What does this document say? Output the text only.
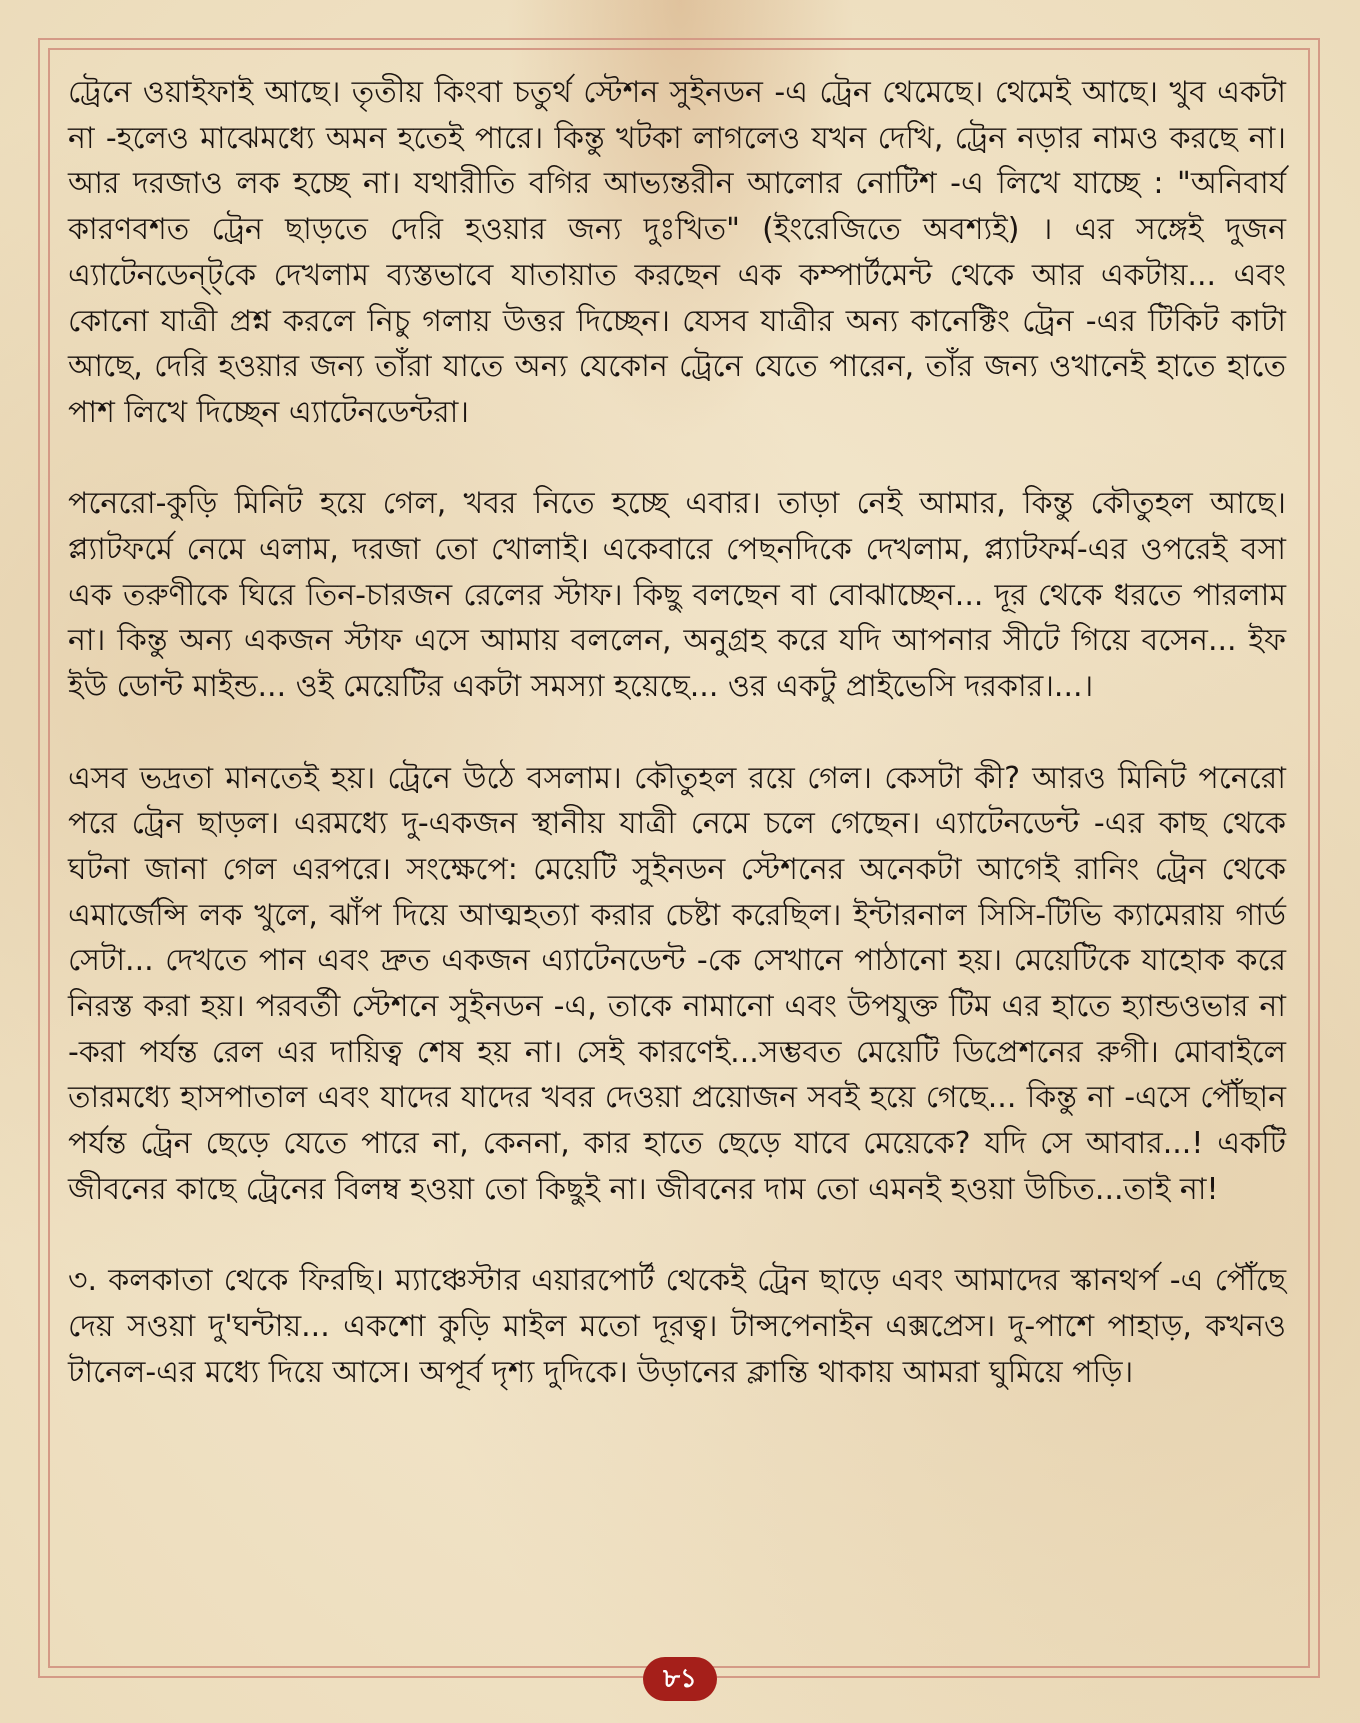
ট্রেনে ওয়াইফাই আছে। তৃতীয় কিংবা চতুর্থ স্টেশন সুইনডন -এ ট্রেন থেমেছে। থেমেই আছে। খুব একটা না -হলেও মাঝেমধ্যে অমন হতেই পারে। কিন্তু খটকা লাগলেও যখন দেখি, ট্রেন নড়ার নামও করছে না। আর দরজাও লক হচ্ছে না। যথারীতি বগির আভ্যন্তরীন আলোর নোটিশ -এ লিখে যাচ্ছে : "অনিবার্য কারণবশত ট্রেন ছাড়তে দেরি হওয়ার জন্য দুঃখিত" (ইংরেজিতে অবশ্যই) । এর সঙ্গেই দুজন এ্যাটেনডেন্ট্‌কে দেখলাম ব্যস্তভাবে যাতায়াত করছেন এক কম্পার্টমেন্ট থেকে আর একটায়... এবং কোনো যাত্রী প্রশ্ন করলে নিচু গলায় উত্তর দিচ্ছেন। যেসব যাত্রীর অন্য কানেক্টিং ট্রেন -এর টিকিট কাটা আছে, দেরি হওয়ার জন্য তাঁরা যাতে অন্য যেকোন ট্রেনে যেতে পারেন, তাঁর জন্য ওখানেই হাতে হাতে পাশ লিখে দিচ্ছেন এ্যাটেনডেন্টরা।

পনেরো-কুড়ি মিনিট হয়ে গেল, খবর নিতে হচ্ছে এবার। তাড়া নেই আমার, কিন্তু কৌতুহল আছে। প্ল্যাটফর্মে নেমে এলাম, দরজা তো খোলাই। একেবারে পেছনদিকে দেখলাম, প্ল্যাটফর্ম-এর ওপরেই বসা এক তরুণীকে ঘিরে তিন-চারজন রেলের স্টাফ। কিছু বলছেন বা বোঝাচ্ছেন... দূর থেকে ধরতে পারলাম না। কিন্তু অন্য একজন স্টাফ এসে আমায় বললেন, অনুগ্রহ করে যদি আপনার সীটে গিয়ে বসেন... ইফ ইউ ডোন্ট মাইন্ড... ওই মেয়েটির একটা সমস্যা হয়েছে... ওর একটু প্রাইভেসি দরকার।...।

এসব ভদ্রতা মানতেই হয়। ট্রেনে উঠে বসলাম। কৌতুহল রয়ে গেল। কেসটা কী? আরও মিনিট পনেরো পরে ট্রেন ছাড়ল। এরমধ্যে দু-একজন স্থানীয় যাত্রী নেমে চলে গেছেন। এ্যাটেনডেন্ট -এর কাছ থেকে ঘটনা জানা গেল এরপরে। সংক্ষেপে: মেয়েটি সুইনডন স্টেশনের অনেকটা আগেই রানিং ট্রেন থেকে এমার্জেন্সি লক খুলে, ঝাঁপ দিয়ে আত্মহত্যা করার চেষ্টা করেছিল। ইন্টারনাল সিসি-টিভি ক্যামেরায় গার্ড সেটা... দেখতে পান এবং দ্রুত একজন এ্যাটেনডেন্ট -কে সেখানে পাঠানো হয়। মেয়েটিকে যাহোক করে নিরস্ত করা হয়। পরবর্তী স্টেশনে সুইনডন -এ, তাকে নামানো এবং উপযুক্ত টিম এর হাতে হ্যান্ডওভার না -করা পর্যন্ত রেল এর দায়িত্ব শেষ হয় না। সেই কারণেই...সম্ভবত মেয়েটি ডিপ্রেশনের রুগী। মোবাইলে তারমধ্যে হাসপাতাল এবং যাদের যাদের খবর দেওয়া প্রয়োজন সবই হয়ে গেছে... কিন্তু না -এসে পৌঁছান পর্যন্ত ট্রেন ছেড়ে যেতে পারে না, কেননা, কার হাতে ছেড়ে যাবে মেয়েকে? যদি সে আবার...! একটি জীবনের কাছে ট্রেনের বিলম্ব হওয়া তো কিছুই না। জীবনের দাম তো এমনই হওয়া উচিত...তাই না!

৩. কলকাতা থেকে ফিরছি। ম্যাঞ্চেস্টার এয়ারপোর্ট থেকেই ট্রেন ছাড়ে এবং আমাদের স্কানথর্প -এ পৌঁছে দেয় সওয়া দু'ঘন্টায়... একশো কুড়ি মাইল মতো দূরত্ব। টান্সপেনাইন এক্সপ্রেস। দু-পাশে পাহাড়, কখনও টানেল-এর মধ্যে দিয়ে আসে। অপূর্ব দৃশ্য দুদিকে। উড়ানের ক্লান্তি থাকায় আমরা ঘুমিয়ে পড়ি।

৮১
